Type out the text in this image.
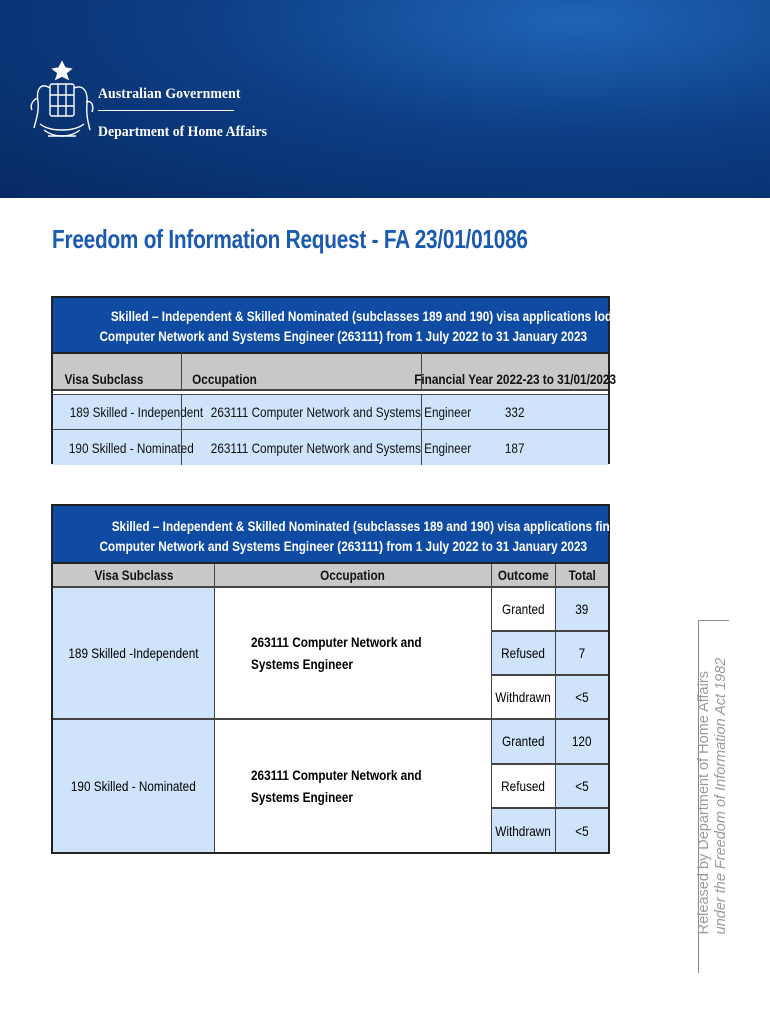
Australian Government
Department of Home Affairs
Freedom of Information Request - FA 23/01/01086
Skilled – Independent & Skilled Nominated (subclasses 189 and 190) visa applications lodged for occupation
Computer Network and Systems Engineer (263111) from 1 July 2022 to 31 January 2023
Visa Subclass	Occupation	Financial Year 2022-23 to 31/01/2023
189 Skilled - Independent 263111 Computer Network and Systems Engineer 332
190 Skilled - Nominated 263111 Computer Network and Systems Engineer 187
Skilled – Independent & Skilled Nominated (subclasses 189 and 190) visa applications finalised for occupation
Computer Network and Systems Engineer (263111) from 1 July 2022 to 31 January 2023
Visa Subclass	Occupation	Outcome Total
189 Skilled -Independent
263111 Computer Network and Systems Engineer
Granted 39
Refused 7
Withdrawn <5
190 Skilled - Nominated
263111 Computer Network and Systems Engineer
Granted 120
Refused <5
Withdrawn <5	Released by Department of Home Affairs under the Freedom of Information Act 1982
